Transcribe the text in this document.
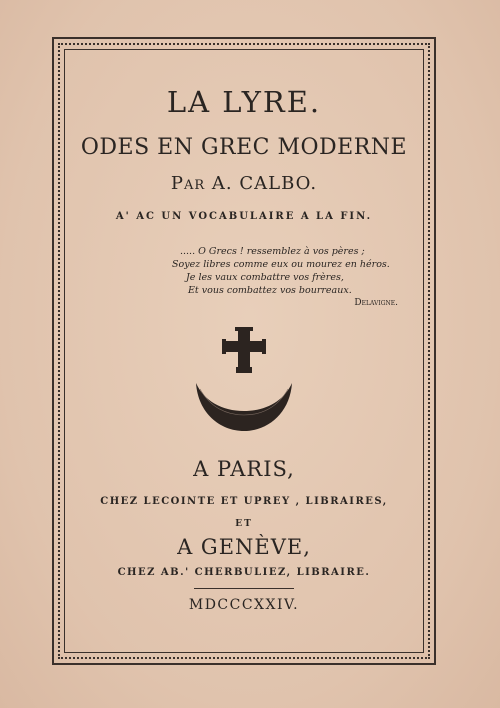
LA LYRE.
ODES EN GREC MODERNE
Par A. CALBO.
A' AC UN VOCABULAIRE A LA FIN.
..... O Grecs ! ressemblez à vos pères ;
Soyez libres comme eux ou mourez en héros.
Je les vaux combattre vos frères,
Et vous combattez vos bourreaux.
Delavigne.
A PARIS,
CHEZ LECOINTE ET UPREY , LIBRAIRES,
ET
A GENÈVE,
CHEZ AB.' CHERBULIEZ, LIBRAIRE.
MDCCCXXIV.
